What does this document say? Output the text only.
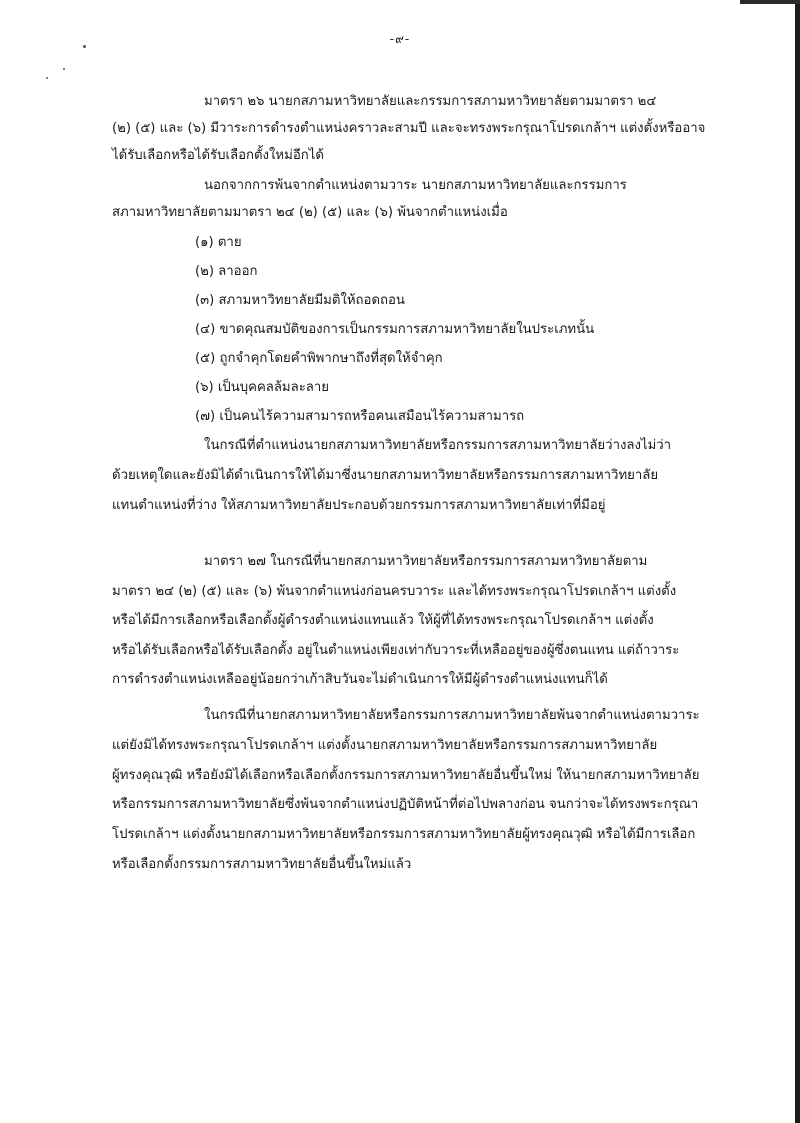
-๙-
มาตรา ๒๖ นายกสภามหาวิทยาลัยและกรรมการสภามหาวิทยาลัยตามมาตรา ๒๔
(๒) (๕) และ (๖) มีวาระการดำรงตำแหน่งคราวละสามปี และจะทรงพระกรุณาโปรดเกล้าฯ แต่งตั้งหรืออาจ
ได้รับเลือกหรือได้รับเลือกตั้งใหม่อีกได้
นอกจากการพ้นจากตำแหน่งตามวาระ นายกสภามหาวิทยาลัยและกรรมการ
สภามหาวิทยาลัยตามมาตรา ๒๔ (๒) (๕) และ (๖) พ้นจากตำแหน่งเมื่อ
(๑) ตาย
(๒) ลาออก
(๓) สภามหาวิทยาลัยมีมติให้ถอดถอน
(๔) ขาดคุณสมบัติของการเป็นกรรมการสภามหาวิทยาลัยในประเภทนั้น
(๕) ถูกจำคุกโดยคำพิพากษาถึงที่สุดให้จำคุก
(๖) เป็นบุคคลล้มละลาย
(๗) เป็นคนไร้ความสามารถหรือคนเสมือนไร้ความสามารถ
ในกรณีที่ตำแหน่งนายกสภามหาวิทยาลัยหรือกรรมการสภามหาวิทยาลัยว่างลงไม่ว่า
ด้วยเหตุใดและยังมิได้ดำเนินการให้ได้มาซึ่งนายกสภามหาวิทยาลัยหรือกรรมการสภามหาวิทยาลัย
แทนตำแหน่งที่ว่าง ให้สภามหาวิทยาลัยประกอบด้วยกรรมการสภามหาวิทยาลัยเท่าที่มีอยู่
มาตรา ๒๗ ในกรณีที่นายกสภามหาวิทยาลัยหรือกรรมการสภามหาวิทยาลัยตาม
มาตรา ๒๔ (๒) (๕) และ (๖) พ้นจากตำแหน่งก่อนครบวาระ และได้ทรงพระกรุณาโปรดเกล้าฯ แต่งตั้ง
หรือได้มีการเลือกหรือเลือกตั้งผู้ดำรงตำแหน่งแทนแล้ว ให้ผู้ที่ได้ทรงพระกรุณาโปรดเกล้าฯ แต่งตั้ง
หรือได้รับเลือกหรือได้รับเลือกตั้ง อยู่ในตำแหน่งเพียงเท่ากับวาระที่เหลืออยู่ของผู้ซึ่งตนแทน แต่ถ้าวาระ
การดำรงตำแหน่งเหลืออยู่น้อยกว่าเก้าสิบวันจะไม่ดำเนินการให้มีผู้ดำรงตำแหน่งแทนก็ได้
ในกรณีที่นายกสภามหาวิทยาลัยหรือกรรมการสภามหาวิทยาลัยพ้นจากตำแหน่งตามวาระ
แต่ยังมิได้ทรงพระกรุณาโปรดเกล้าฯ แต่งตั้งนายกสภามหาวิทยาลัยหรือกรรมการสภามหาวิทยาลัย
ผู้ทรงคุณวุฒิ หรือยังมิได้เลือกหรือเลือกตั้งกรรมการสภามหาวิทยาลัยอื่นขึ้นใหม่ ให้นายกสภามหาวิทยาลัย
หรือกรรมการสภามหาวิทยาลัยซึ่งพ้นจากตำแหน่งปฏิบัติหน้าที่ต่อไปพลางก่อน จนกว่าจะได้ทรงพระกรุณา
โปรดเกล้าฯ แต่งตั้งนายกสภามหาวิทยาลัยหรือกรรมการสภามหาวิทยาลัยผู้ทรงคุณวุฒิ หรือได้มีการเลือก
หรือเลือกตั้งกรรมการสภามหาวิทยาลัยอื่นขึ้นใหม่แล้ว
